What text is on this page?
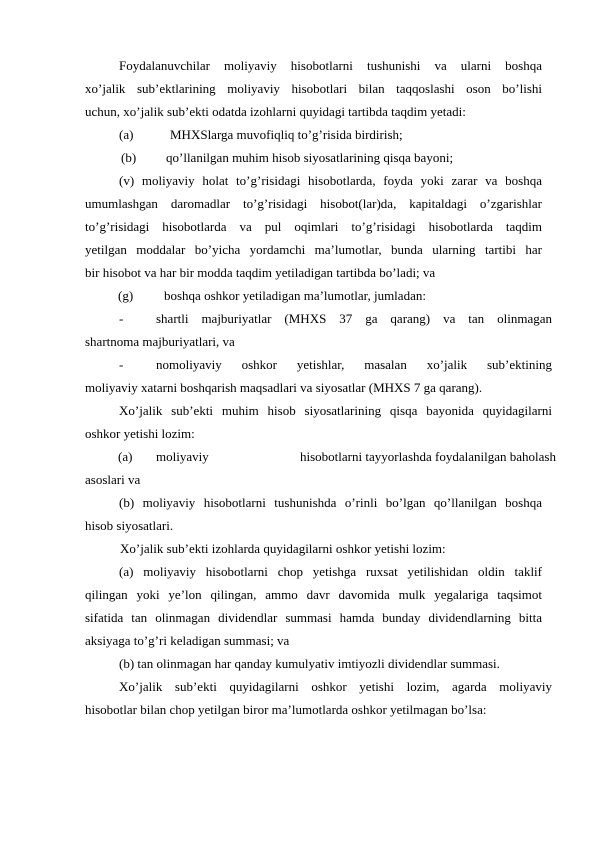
Foydalanuvchilar moliyaviy hisobotlarni tushunishi va ularni boshqa
xo’jalik sub’ektlarining moliyaviy hisobotlari bilan taqqoslashi oson bo’lishi
uchun, xo’jalik sub’ekti odatda izohlarni quyidagi tartibda taqdim yetadi:
(a)	MHXSlarga muvofiqliq to’g’risida birdirish;
(b) qo’llanilgan muhim hisob siyosatlarining qisqa bayoni;
(v) moliyaviy holat to’g’risidagi hisobotlarda, foyda yoki zarar va boshqa
umumlashgan daromadlar to’g’risidagi hisobot(lar)da, kapitaldagi o’zgarishlar
to’g’risidagi hisobotlarda va pul oqimlari to’g’risidagi hisobotlarda taqdim
yetilgan moddalar bo’yicha yordamchi ma’lumotlar, bunda ularning tartibi har
bir hisobot va har bir modda taqdim yetiladigan tartibda bo’ladi; va
(g) boshqa oshkor yetiladigan ma’lumotlar, jumladan:
-	shartli majburiyatlar (MHXS 37 ga qarang) va tan olinmagan
shartnoma majburiyatlari, va
-	nomoliyaviy oshkor yetishlar, masalan xo’jalik sub’ektining
moliyaviy xatarni boshqarish maqsadlari va siyosatlar (MHXS 7 ga qarang).
Xo’jalik sub’ekti muhim hisob siyosatlarining qisqa bayonida quyidagilarni
oshkor yetishi lozim:
(a) moliyaviy	hisobotlarni tayyorlashda foydalanilgan baholash
asoslari va
(b) moliyaviy hisobotlarni tushunishda o’rinli bo’lgan qo’llanilgan boshqa
hisob siyosatlari.
Xo’jalik sub’ekti izohlarda quyidagilarni oshkor yetishi lozim:
(a) moliyaviy hisobotlarni chop yetishga ruxsat yetilishidan oldin taklif
qilingan yoki ye’lon qilingan, ammo davr davomida mulk yegalariga taqsimot
sifatida tan olinmagan dividendlar summasi hamda bunday dividendlarning bitta
aksiyaga to’g’ri keladigan summasi; va
(b) tan olinmagan har qanday kumulyativ imtiyozli dividendlar summasi.
Xo’jalik sub’ekti quyidagilarni oshkor yetishi lozim, agarda moliyaviy
hisobotlar bilan chop yetilgan biror ma’lumotlarda oshkor yetilmagan bo’lsa:
